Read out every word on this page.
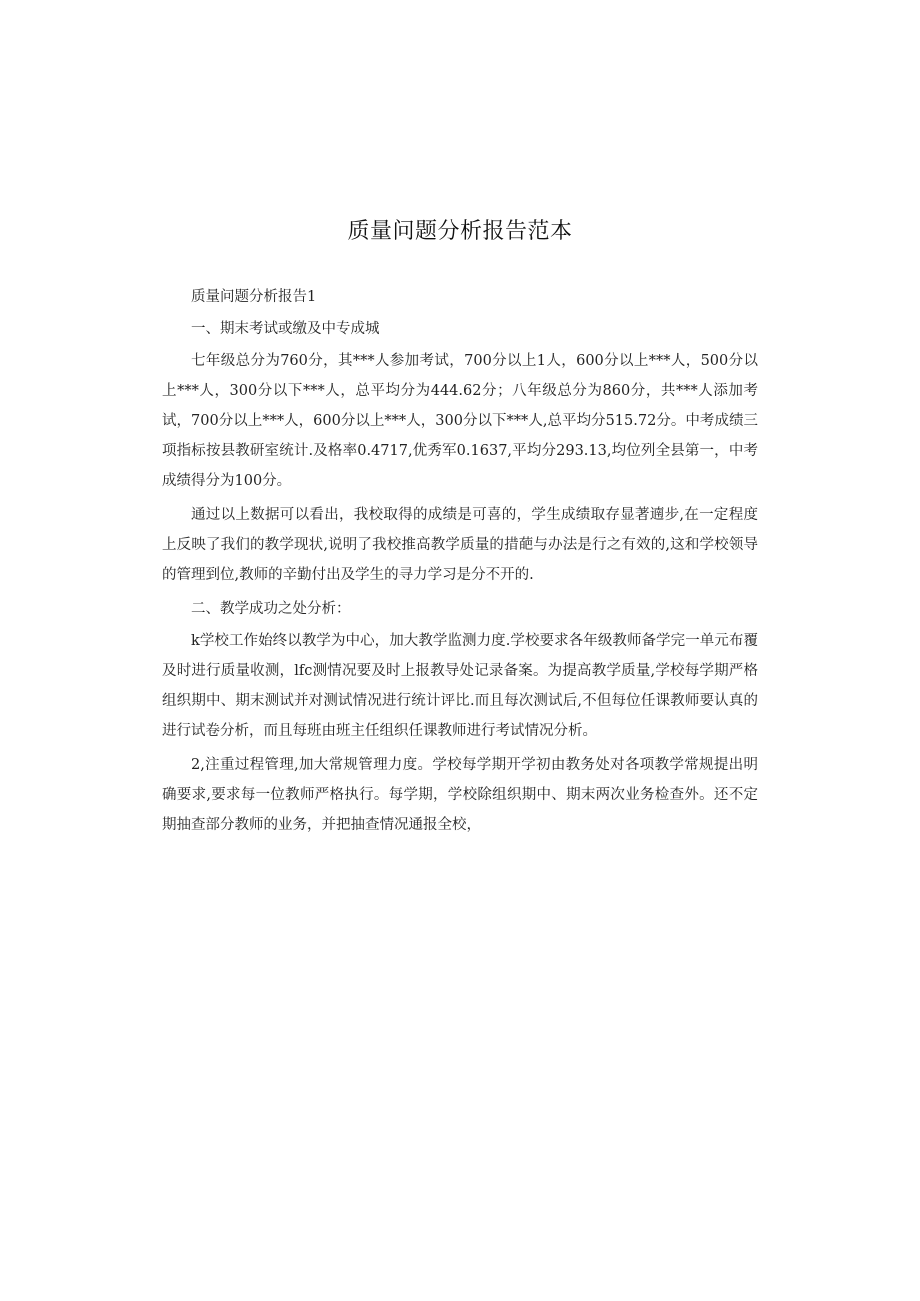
质量问题分析报告范本

质量问题分析报告1

一、期末考试或缴及中专成城

七年级总分为760分，其***人参加考试，700分以上1人，600分以上***人，500分以上***人，300分以下***人，总平均分为444.62分；八年级总分为860分，共***人添加考试，700分以上***人，600分以上***人，300分以下***人,总平均分515.72分。中考成绩三项指标按县教研室统计.及格率0.4717,优秀军0.1637,平均分293.13,均位列全县第一，中考成绩得分为100分。

通过以上数据可以看出，我校取得的成绩是可喜的，学生成绩取存显著遖步,在一定程度上反映了我们的教学现状,说明了我校推高教学质量的措葩与办法是行之有效的,这和学校领导的管理到位,教师的辛勤付出及学生的寻力学习是分不开的.

二、教学成功之处分析：

k学校工作始终以教学为中心，加大教学监测力度.学校要求各年级教师备学完一单元布覆及时进行质量收测，lfc测情况要及时上报教导处记录备案。为提高教学质量,学校每学期严格组织期中、期末测试并对测试情况进行统计评比.而且每次测试后,不但每位任课教师要认真的进行试卷分析，而且每班由班主任组织任课教师进行考试情况分析。

2,注重过程管理,加大常规管理力度。学校每学期开学初由教务处对各项教学常规提出明确要求,要求每一位教师严格执行。每学期，学校除组织期中、期末两次业务检查外。还不定期抽查部分教师的业务，并把抽查情况通报全校，
